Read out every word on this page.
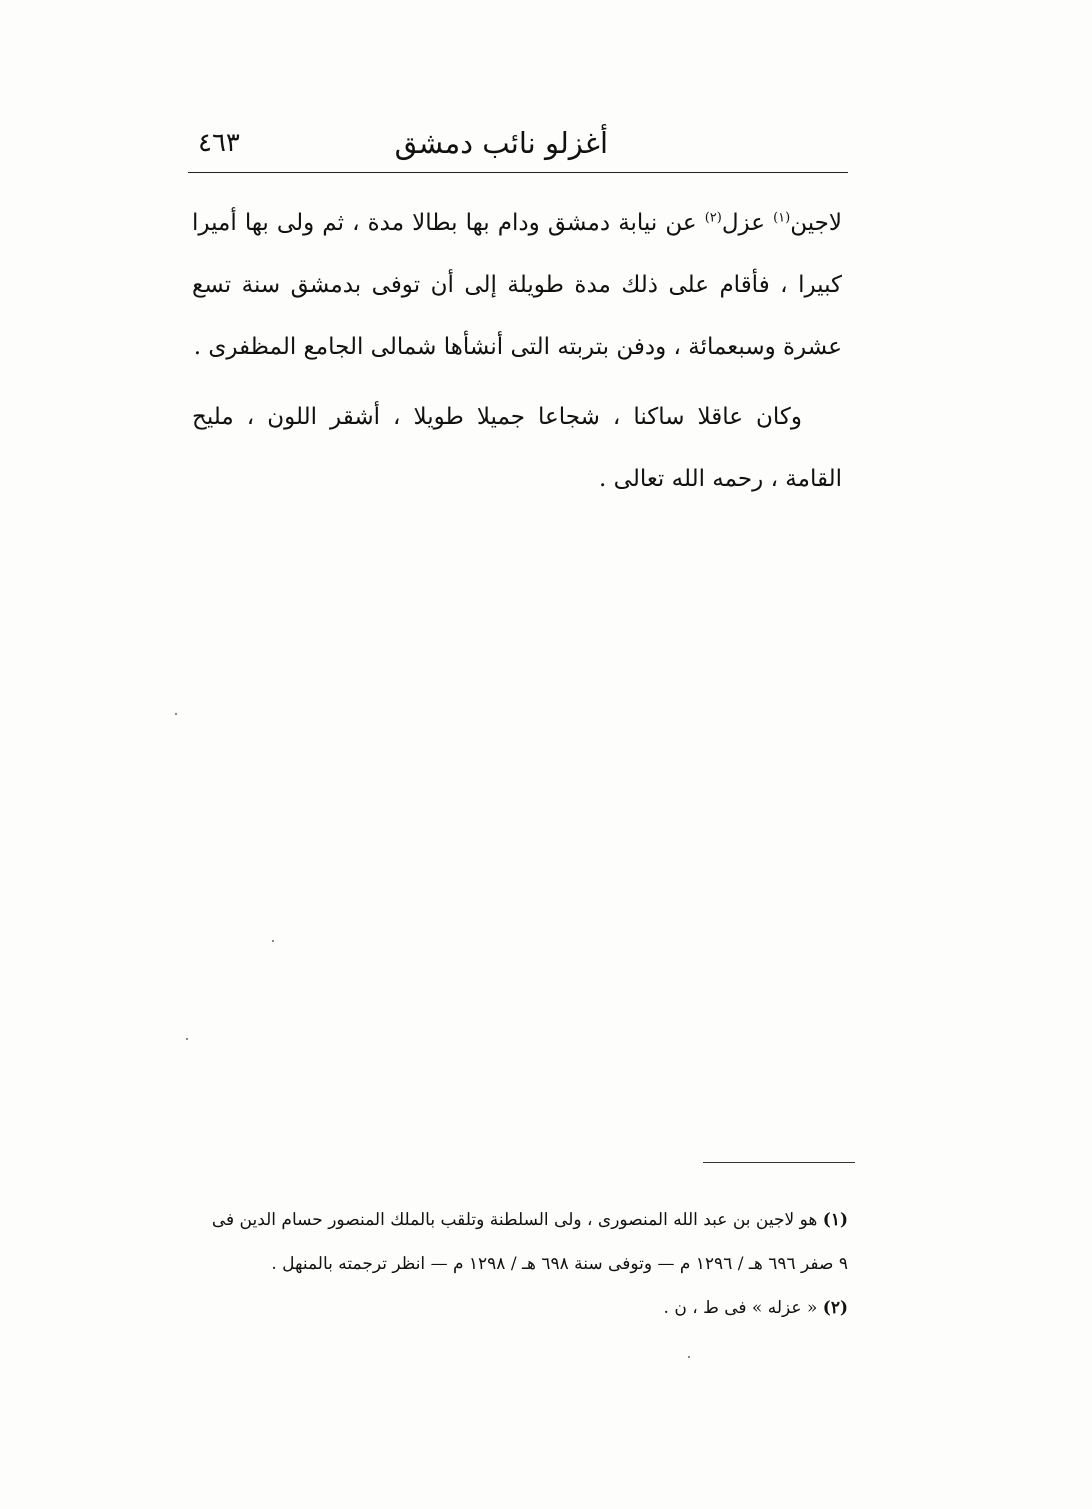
أغزلو نائب دمشق
٤٦٣

لاجين$^{(١)}$ عزل$^{(٢)}$ عن نيابة دمشق ودام بها بطالا مدة ، ثم ولى بها أميرا كبيرا ، فأقام على ذلك مدة طويلة إلى أن توفى بدمشق سنة تسع عشرة وسبعمائة ، ودفن بتربته التى أنشأها شمالى الجامع المظفرى .

وكان عاقلا ساكنا ، شجاعا جميلا طويلا ، أشقر اللون ، مليح القامة ، رحمه الله تعالى .

(١) هو لاجين بن عبد الله المنصورى ، ولى السلطنة وتلقب بالملك المنصور حسام الدين فى ٩ صفر ٦٩٦ هـ / ١٢٩٦ م — وتوفى سنة ٦٩٨ هـ / ١٢٩٨ م — انظر ترجمته بالمنهل .

(٢) « عزله » فى ط ، ن .
